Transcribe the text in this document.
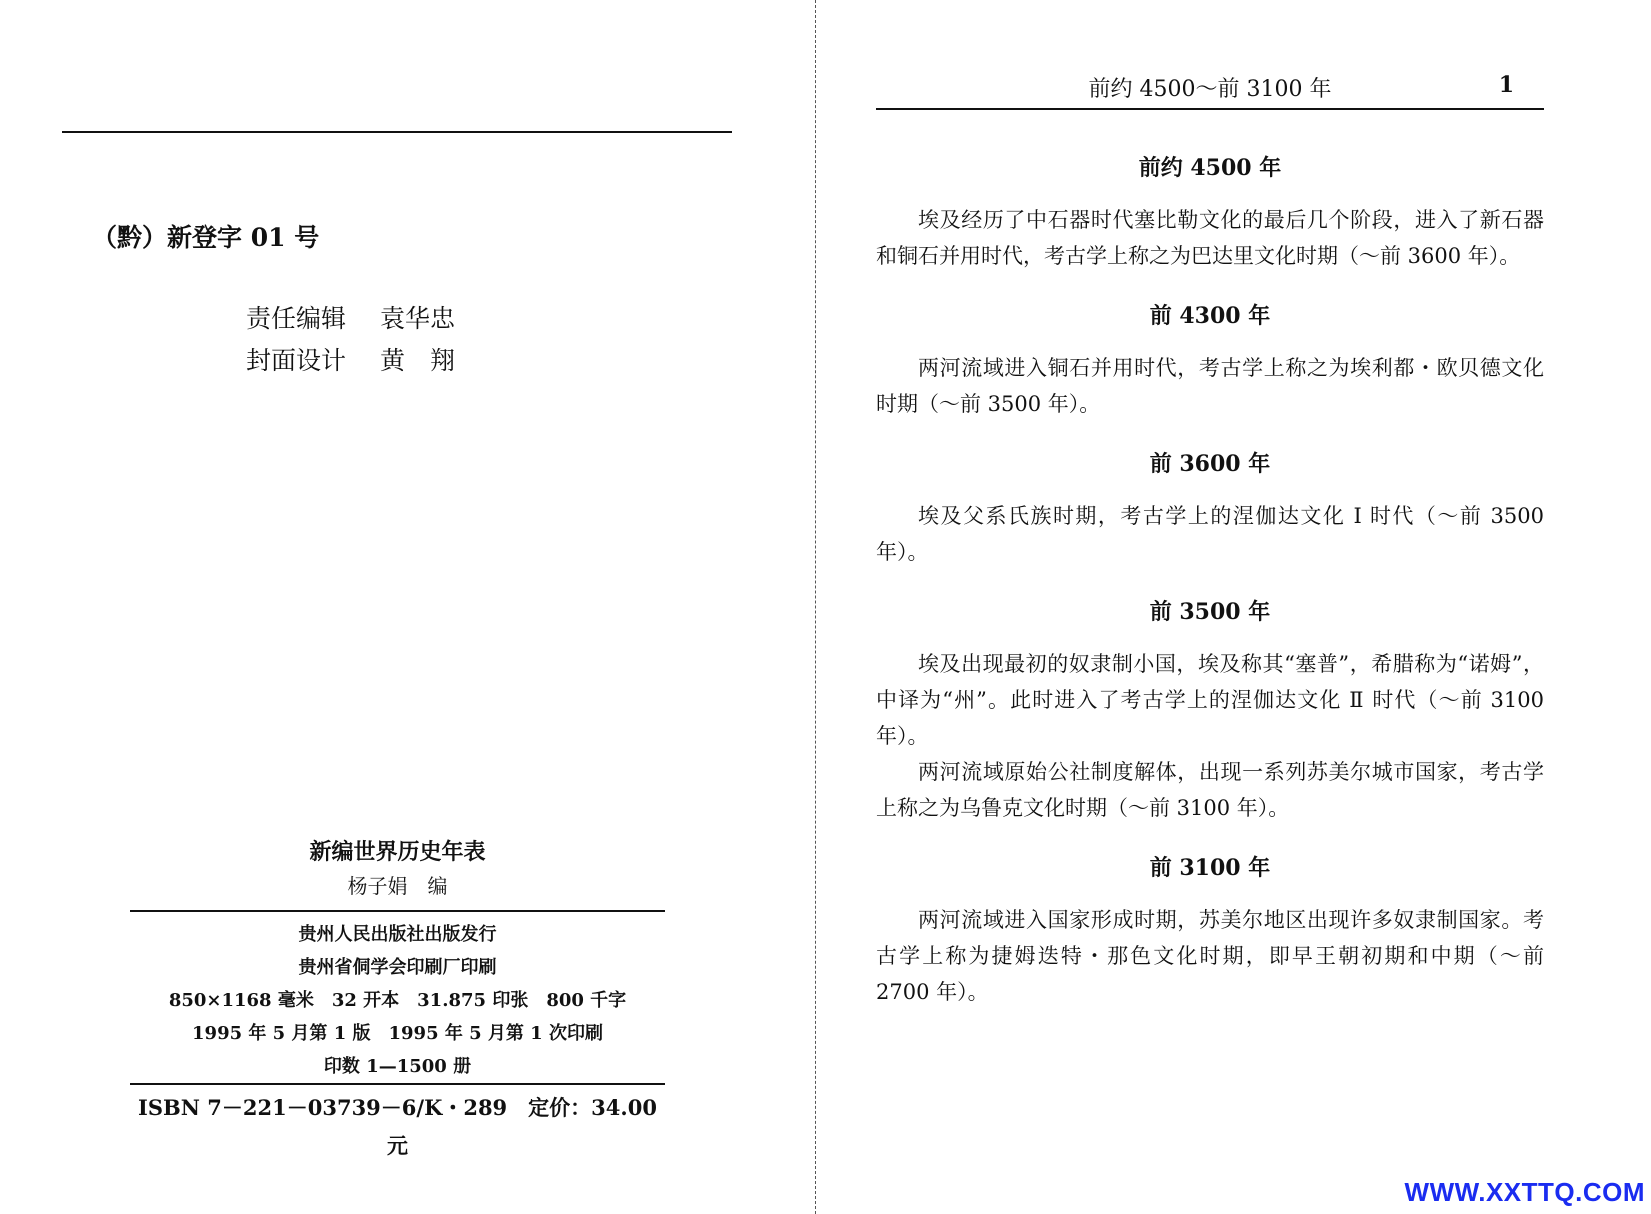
（黔）新登字 01 号
责任编辑 袁华忠
封面设计 黄　翔
新编世界历史年表
杨子娟　编
贵州人民出版社出版发行
贵州省侗学会印刷厂印刷
850×1168 毫米　32 开本　31.875 印张　800 千字
1995 年 5 月第 1 版　1995 年 5 月第 1 次印刷
印数 1—1500 册
ISBN 7－221－03739－6/K・289　定价：34.00 元
前约 4500～前 3100 年	1
前约 4500 年

埃及经历了中石器时代塞比勒文化的最后几个阶段，进入了新石器和铜石并用时代，考古学上称之为巴达里文化时期（～前 3600 年）。

前 4300 年

两河流域进入铜石并用时代，考古学上称之为埃利都・欧贝德文化时期（～前 3500 年）。

前 3600 年

埃及父系氏族时期，考古学上的涅伽达文化 I 时代（～前 3500 年）。

前 3500 年

埃及出现最初的奴隶制小国，埃及称其“塞普”，希腊称为“诺姆”，中译为“州”。此时进入了考古学上的涅伽达文化 Ⅱ 时代（～前 3100 年）。

两河流域原始公社制度解体，出现一系列苏美尔城市国家，考古学上称之为乌鲁克文化时期（～前 3100 年）。

前 3100 年

两河流域进入国家形成时期，苏美尔地区出现许多奴隶制国家。考古学上称为捷姆迭特・那色文化时期，即早王朝初期和中期（～前 2700 年）。

WWW.XXTTQ.COM
